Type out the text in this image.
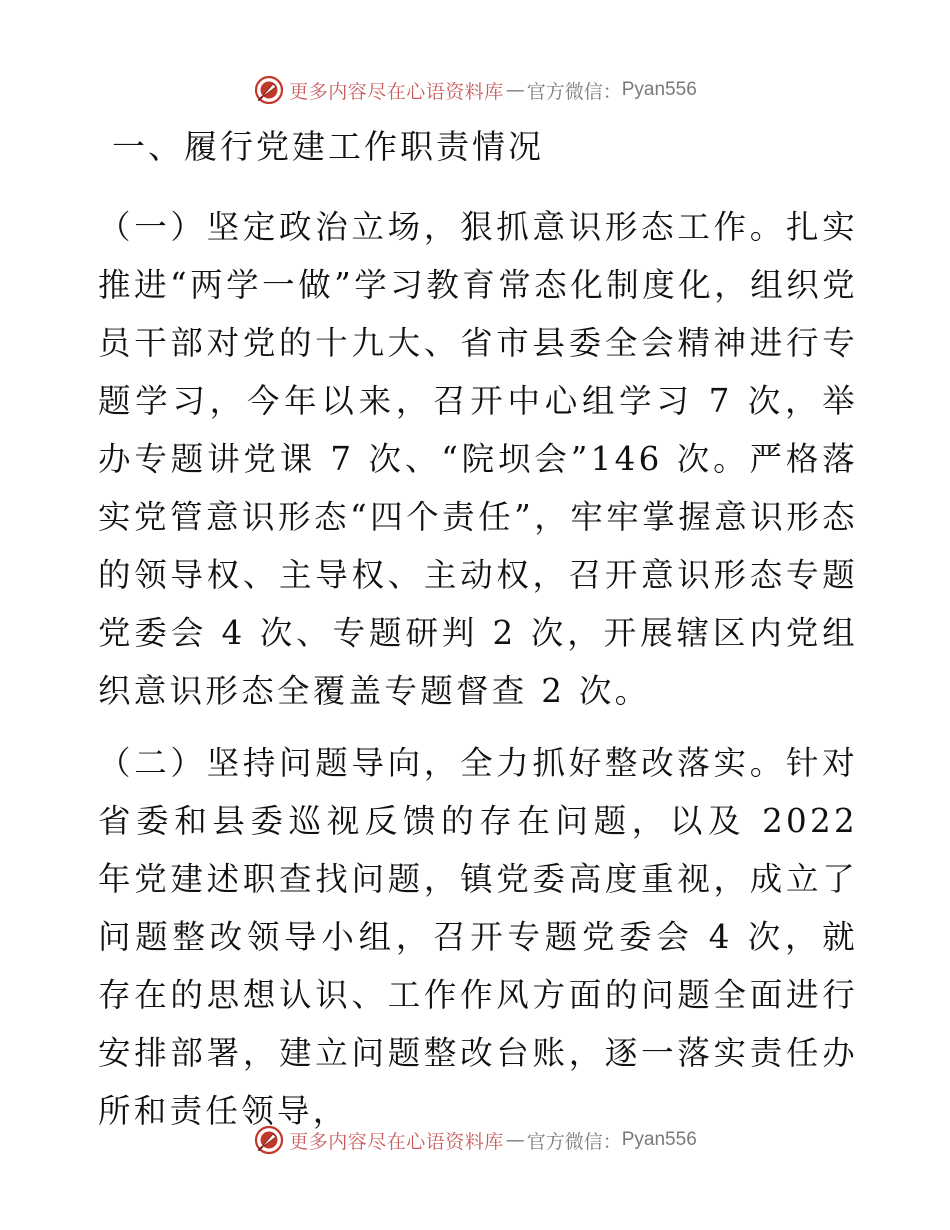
更多内容尽在心语资料库 — 官方微信： Pyan556
一、履行党建工作职责情况

（一）坚定政治立场，狠抓意识形态工作。扎实推进“两学一做”学习教育常态化制度化，组织党员干部对党的十九大、省市县委全会精神进行专题学习，今年以来，召开中心组学习 7 次，举办专题讲党课 7 次、“院坝会”146 次。严格落实党管意识形态“四个责任”，牢牢掌握意识形态的领导权、主导权、主动权，召开意识形态专题党委会 4 次、专题研判 2 次，开展辖区内党组织意识形态全覆盖专题督查 2 次。

（二）坚持问题导向，全力抓好整改落实。针对省委和县委巡视反馈的存在问题，以及 2022 年党建述职查找问题，镇党委高度重视，成立了问题整改领导小组，召开专题党委会 4 次，就存在的思想认识、工作作风方面的问题全面进行安排部署，建立问题整改台账，逐一落实责任办所和责任领导，

更多内容尽在心语资料库 — 官方微信： Pyan556
